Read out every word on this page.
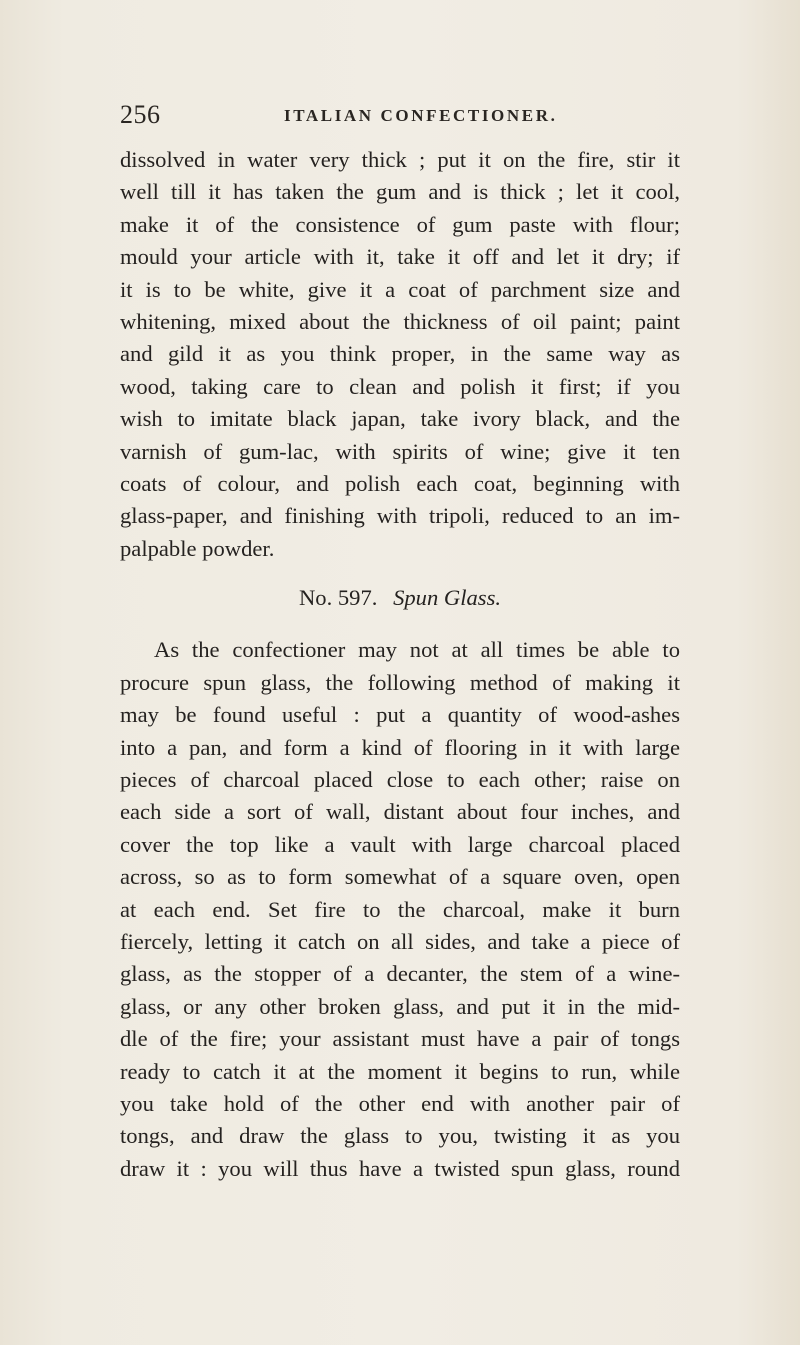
256	ITALIAN CONFECTIONER.
dissolved in water very thick ; put it on the fire, stir it
well till it has taken the gum and is thick ; let it cool,
make it of the consistence of gum paste with flour;
mould your article with it, take it off and let it dry; if
it is to be white, give it a coat of parchment size and
whitening, mixed about the thickness of oil paint; paint
and gild it as you think proper, in the same way as
wood, taking care to clean and polish it first; if you
wish to imitate black japan, take ivory black, and the
varnish of gum-lac, with spirits of wine; give it ten
coats of colour, and polish each coat, beginning with
glass-paper, and finishing with tripoli, reduced to an im-
palpable powder.
No. 597. Spun Glass.
As the confectioner may not at all times be able to
procure spun glass, the following method of making it
may be found useful : put a quantity of wood-ashes
into a pan, and form a kind of flooring in it with large
pieces of charcoal placed close to each other; raise on
each side a sort of wall, distant about four inches, and
cover the top like a vault with large charcoal placed
across, so as to form somewhat of a square oven, open
at each end. Set fire to the charcoal, make it burn
fiercely, letting it catch on all sides, and take a piece of
glass, as the stopper of a decanter, the stem of a wine-
glass, or any other broken glass, and put it in the mid-
dle of the fire; your assistant must have a pair of tongs
ready to catch it at the moment it begins to run, while
you take hold of the other end with another pair of
tongs, and draw the glass to you, twisting it as you
draw it : you will thus have a twisted spun glass, round
